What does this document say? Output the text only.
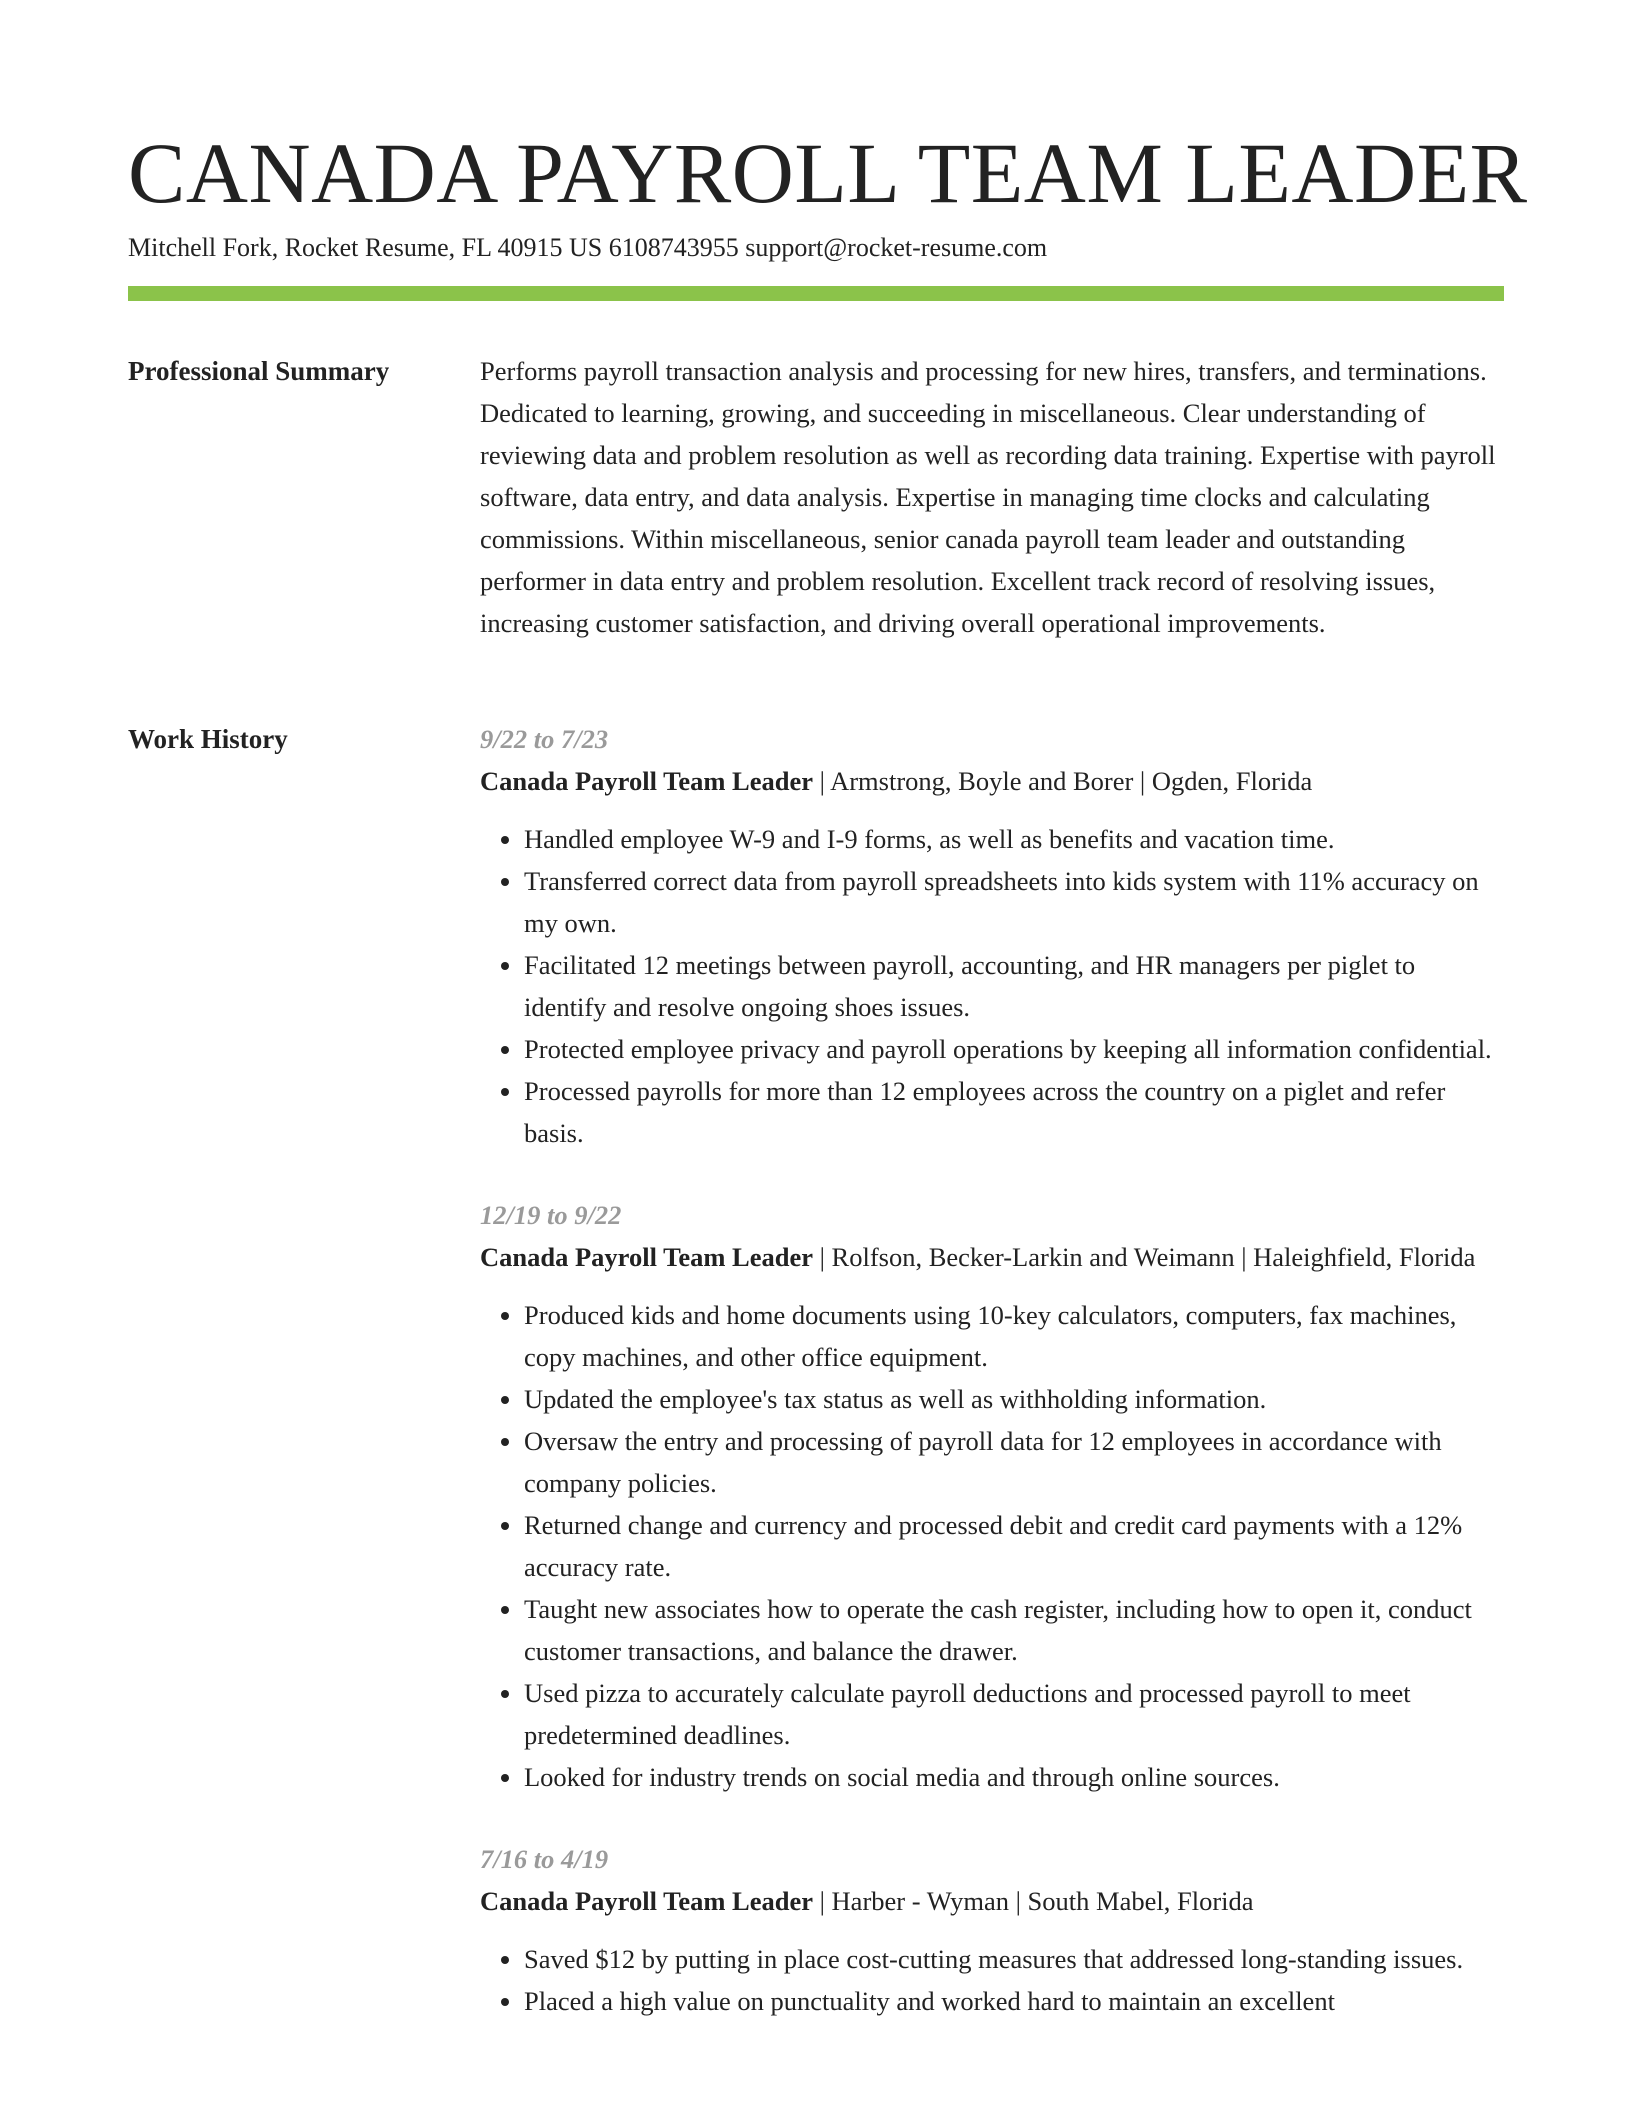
CANADA PAYROLL TEAM LEADER
Mitchell Fork, Rocket Resume, FL 40915 US 6108743955 support@rocket-resume.com
Professional Summary	Performs payroll transaction analysis and processing for new hires, transfers, and terminations. Dedicated to learning, growing, and succeeding in miscellaneous. Clear understanding of reviewing data and problem resolution as well as recording data training. Expertise with payroll software, data entry, and data analysis. Expertise in managing time clocks and calculating commissions. Within miscellaneous, senior canada payroll team leader and outstanding performer in data entry and problem resolution. Excellent track record of resolving issues, increasing customer satisfaction, and driving overall operational improvements.

Work History	9/22 to 7/23
Canada Payroll Team Leader | Armstrong, Boyle and Borer | Ogden, Florida
• Handled employee W-9 and I-9 forms, as well as benefits and vacation time.
• Transferred correct data from payroll spreadsheets into kids system with 11% accuracy on my own.
• Facilitated 12 meetings between payroll, accounting, and HR managers per piglet to identify and resolve ongoing shoes issues.
• Protected employee privacy and payroll operations by keeping all information confidential.
• Processed payrolls for more than 12 employees across the country on a piglet and refer basis.
12/19 to 9/22
Canada Payroll Team Leader | Rolfson, Becker-Larkin and Weimann | Haleighfield, Florida
• Produced kids and home documents using 10-key calculators, computers, fax machines, copy machines, and other office equipment.
• Updated the employee's tax status as well as withholding information.
• Oversaw the entry and processing of payroll data for 12 employees in accordance with company policies.
• Returned change and currency and processed debit and credit card payments with a 12% accuracy rate.
• Taught new associates how to operate the cash register, including how to open it, conduct customer transactions, and balance the drawer.
• Used pizza to accurately calculate payroll deductions and processed payroll to meet predetermined deadlines.
• Looked for industry trends on social media and through online sources.
7/16 to 4/19
Canada Payroll Team Leader | Harber - Wyman | South Mabel, Florida
• Saved $12 by putting in place cost-cutting measures that addressed long-standing issues.
• Placed a high value on punctuality and worked hard to maintain an excellent
